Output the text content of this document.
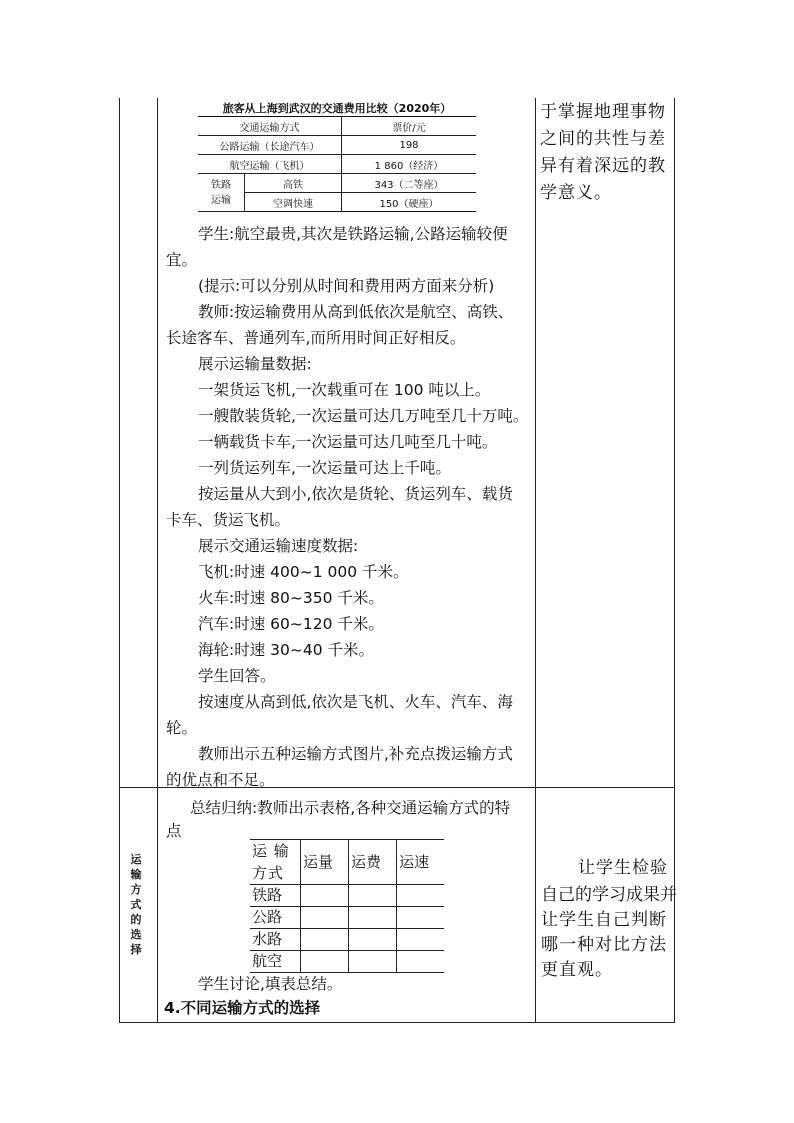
旅客从上海到武汉的交通费用比较（2020年）
交通运输方式		票价/元
公路运输（长途汽车）		198
航空运输（飞机）		1 860（经济）
铁路运输	高铁	343（二等座）
	空调快速	150（硬座）
学生:航空最贵,其次是铁路运输,公路运输较便
宜。
(提示:可以分别从时间和费用两方面来分析)
教师:按运输费用从高到低依次是航空、高铁、
长途客车、普通列车,而所用时间正好相反。
展示运输量数据:
一架货运飞机,一次载重可在 100 吨以上。
一艘散装货轮,一次运量可达几万吨至几十万吨。
一辆载货卡车,一次运量可达几吨至几十吨。
一列货运列车,一次运量可达上千吨。
按运量从大到小,依次是货轮、货运列车、载货
卡车、货运飞机。
展示交通运输速度数据:
飞机:时速 400~1 000 千米。
火车:时速 80~350 千米。
汽车:时速 60~120 千米。
海轮:时速 30~40 千米。
学生回答。
按速度从高到低,依次是飞机、火车、汽车、海
轮。
教师出示五种运输方式图片,补充点拨运输方式
的优点和不足。
于掌握地理事物
之间的共性与差
异有着深远的教
学意义。
运
输
方
式
的
选
择
总结归纳:教师出示表格,各种交通运输方式的特
点
运 输 方式	运量	运费	运速
铁路			
公路			
水路			
航空			
学生讨论,填表总结。
4.不同运输方式的选择
让学生检验
自己的学习成果并
让学生自己判断
哪一种对比方法
更直观。
